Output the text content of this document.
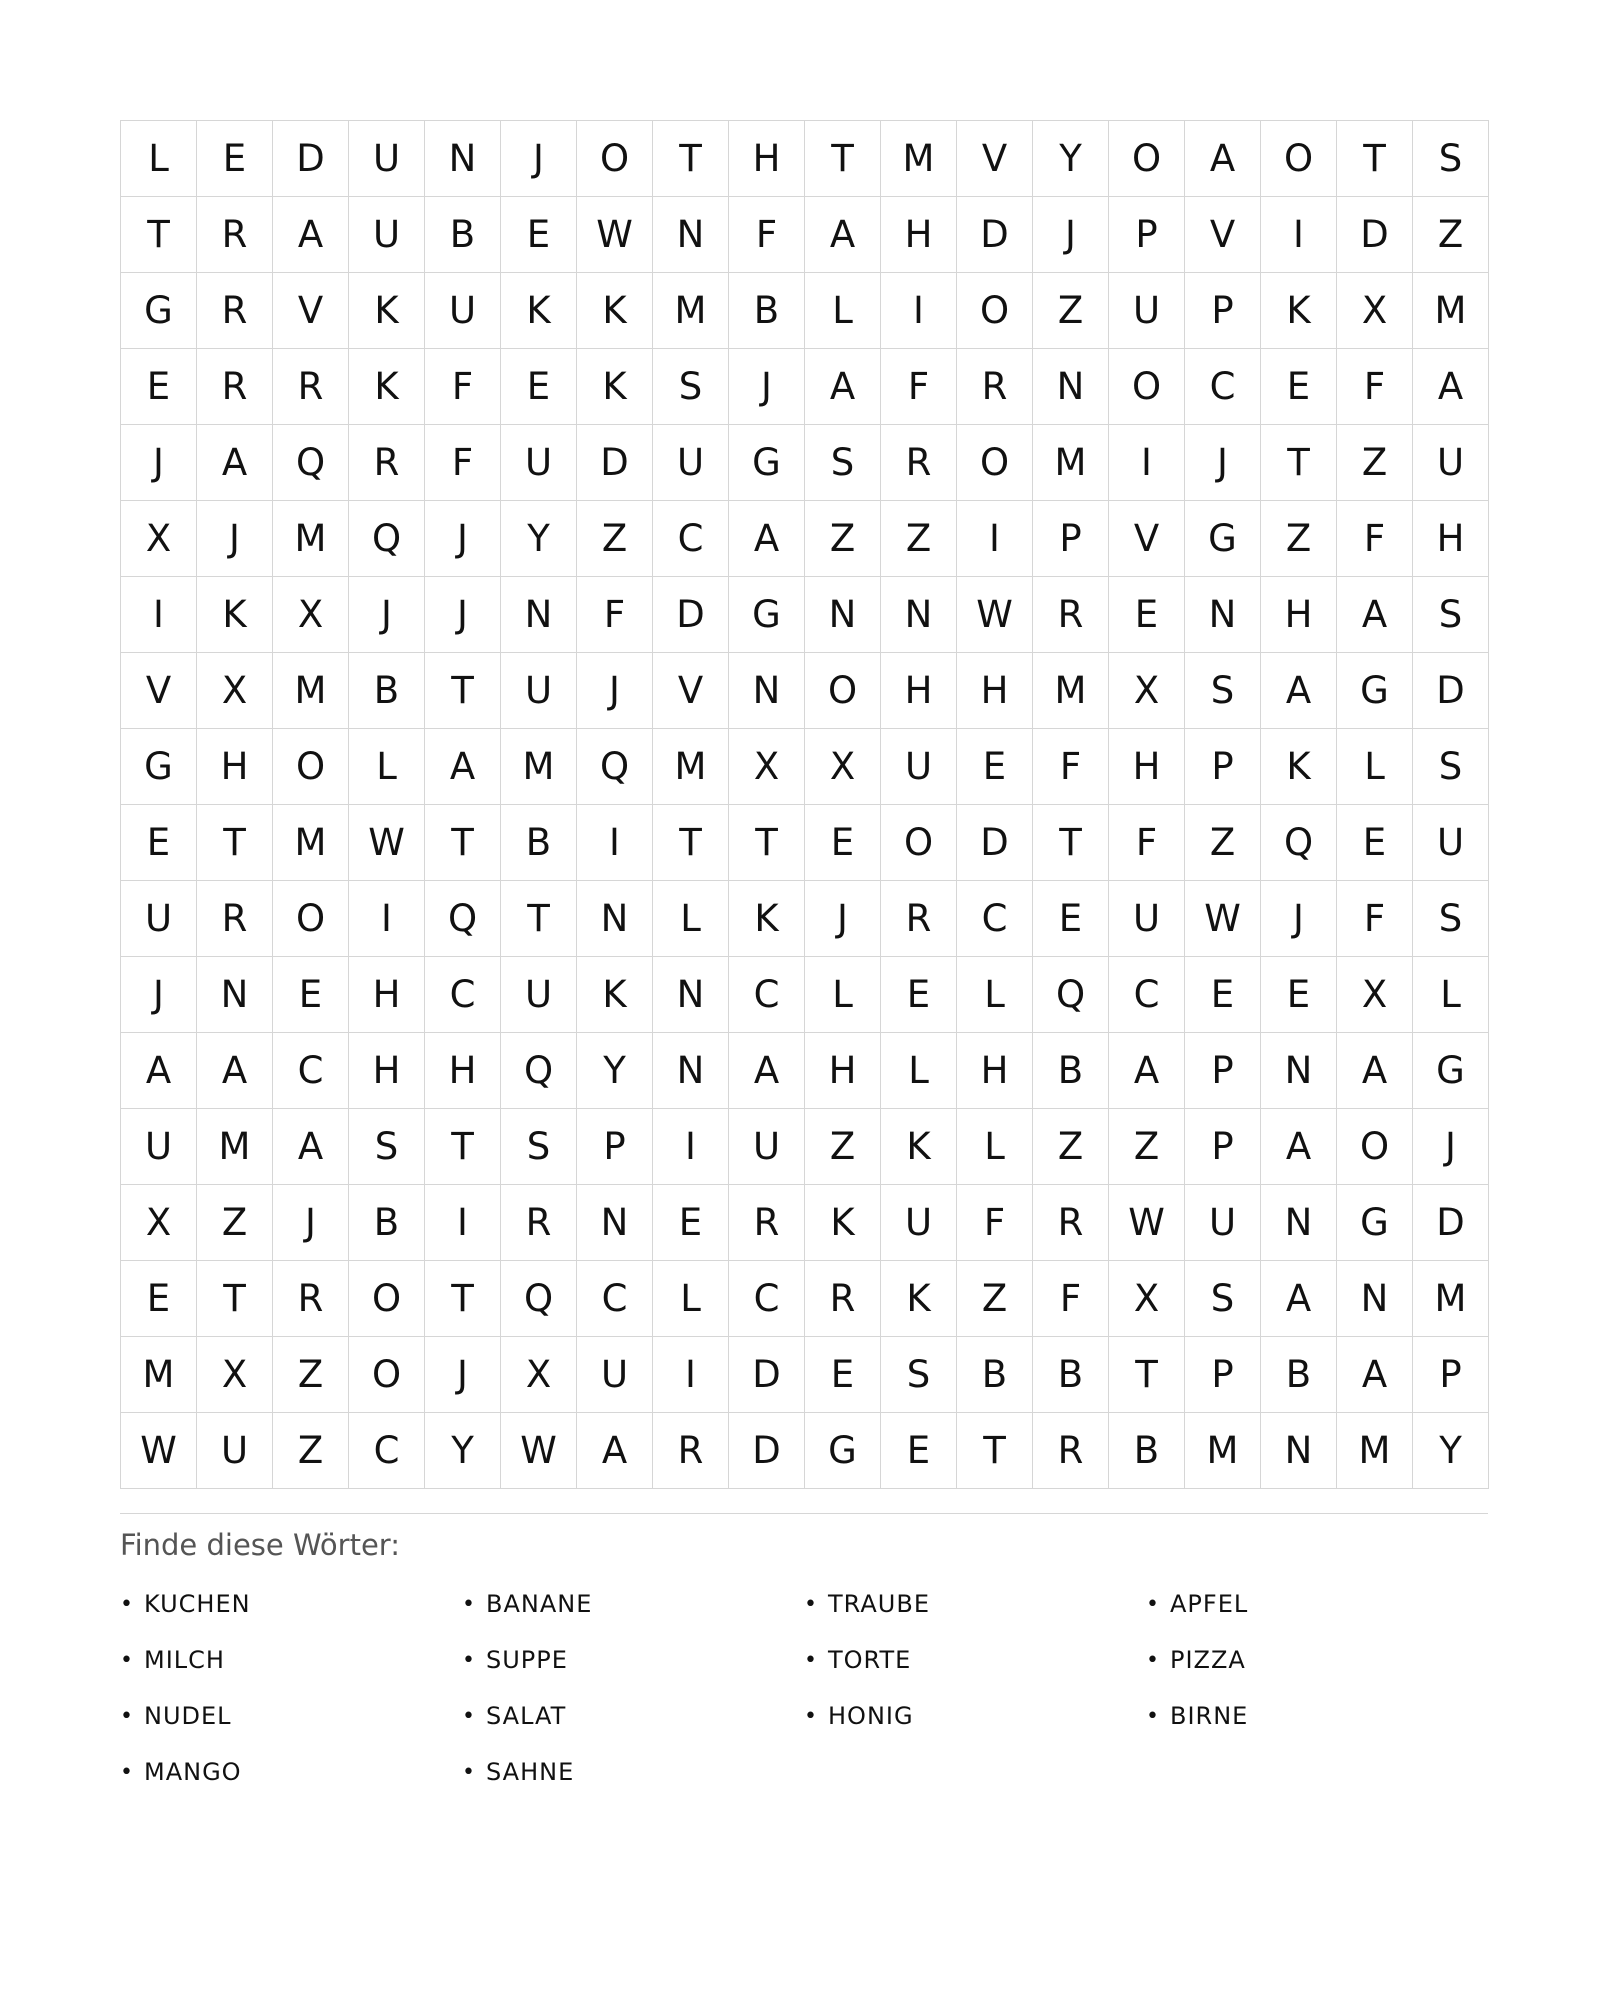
L	E	D	U	N	J	O	T	H	T	M	V	Y	O	A	O	T	S
T	R	A	U	B	E	W	N	F	A	H	D	J	P	V	I	D	Z
G	R	V	K	U	K	K	M	B	L	I	O	Z	U	P	K	X	M
E	R	R	K	F	E	K	S	J	A	F	R	N	O	C	E	F	A
J	A	Q	R	F	U	D	U	G	S	R	O	M	I	J	T	Z	U
X	J	M	Q	J	Y	Z	C	A	Z	Z	I	P	V	G	Z	F	H
I	K	X	J	J	N	F	D	G	N	N	W	R	E	N	H	A	S
V	X	M	B	T	U	J	V	N	O	H	H	M	X	S	A	G	D
G	H	O	L	A	M	Q	M	X	X	U	E	F	H	P	K	L	S
E	T	M	W	T	B	I	T	T	E	O	D	T	F	Z	Q	E	U
U	R	O	I	Q	T	N	L	K	J	R	C	E	U	W	J	F	S
J	N	E	H	C	U	K	N	C	L	E	L	Q	C	E	E	X	L
A	A	C	H	H	Q	Y	N	A	H	L	H	B	A	P	N	A	G
U	M	A	S	T	S	P	I	U	Z	K	L	Z	Z	P	A	O	J
X	Z	J	B	I	R	N	E	R	K	U	F	R	W	U	N	G	D
E	T	R	O	T	Q	C	L	C	R	K	Z	F	X	S	A	N	M
M	X	Z	O	J	X	U	I	D	E	S	B	B	T	P	B	A	P
W	U	Z	C	Y	W	A	R	D	G	E	T	R	B	M	N	M	Y
Finde diese Wörter:
• KUCHEN	• BANANE	• TRAUBE	• APFEL
• MILCH	• SUPPE	• TORTE	• PIZZA
• NUDEL	• SALAT	• HONIG	• BIRNE
• MANGO	• SAHNE
